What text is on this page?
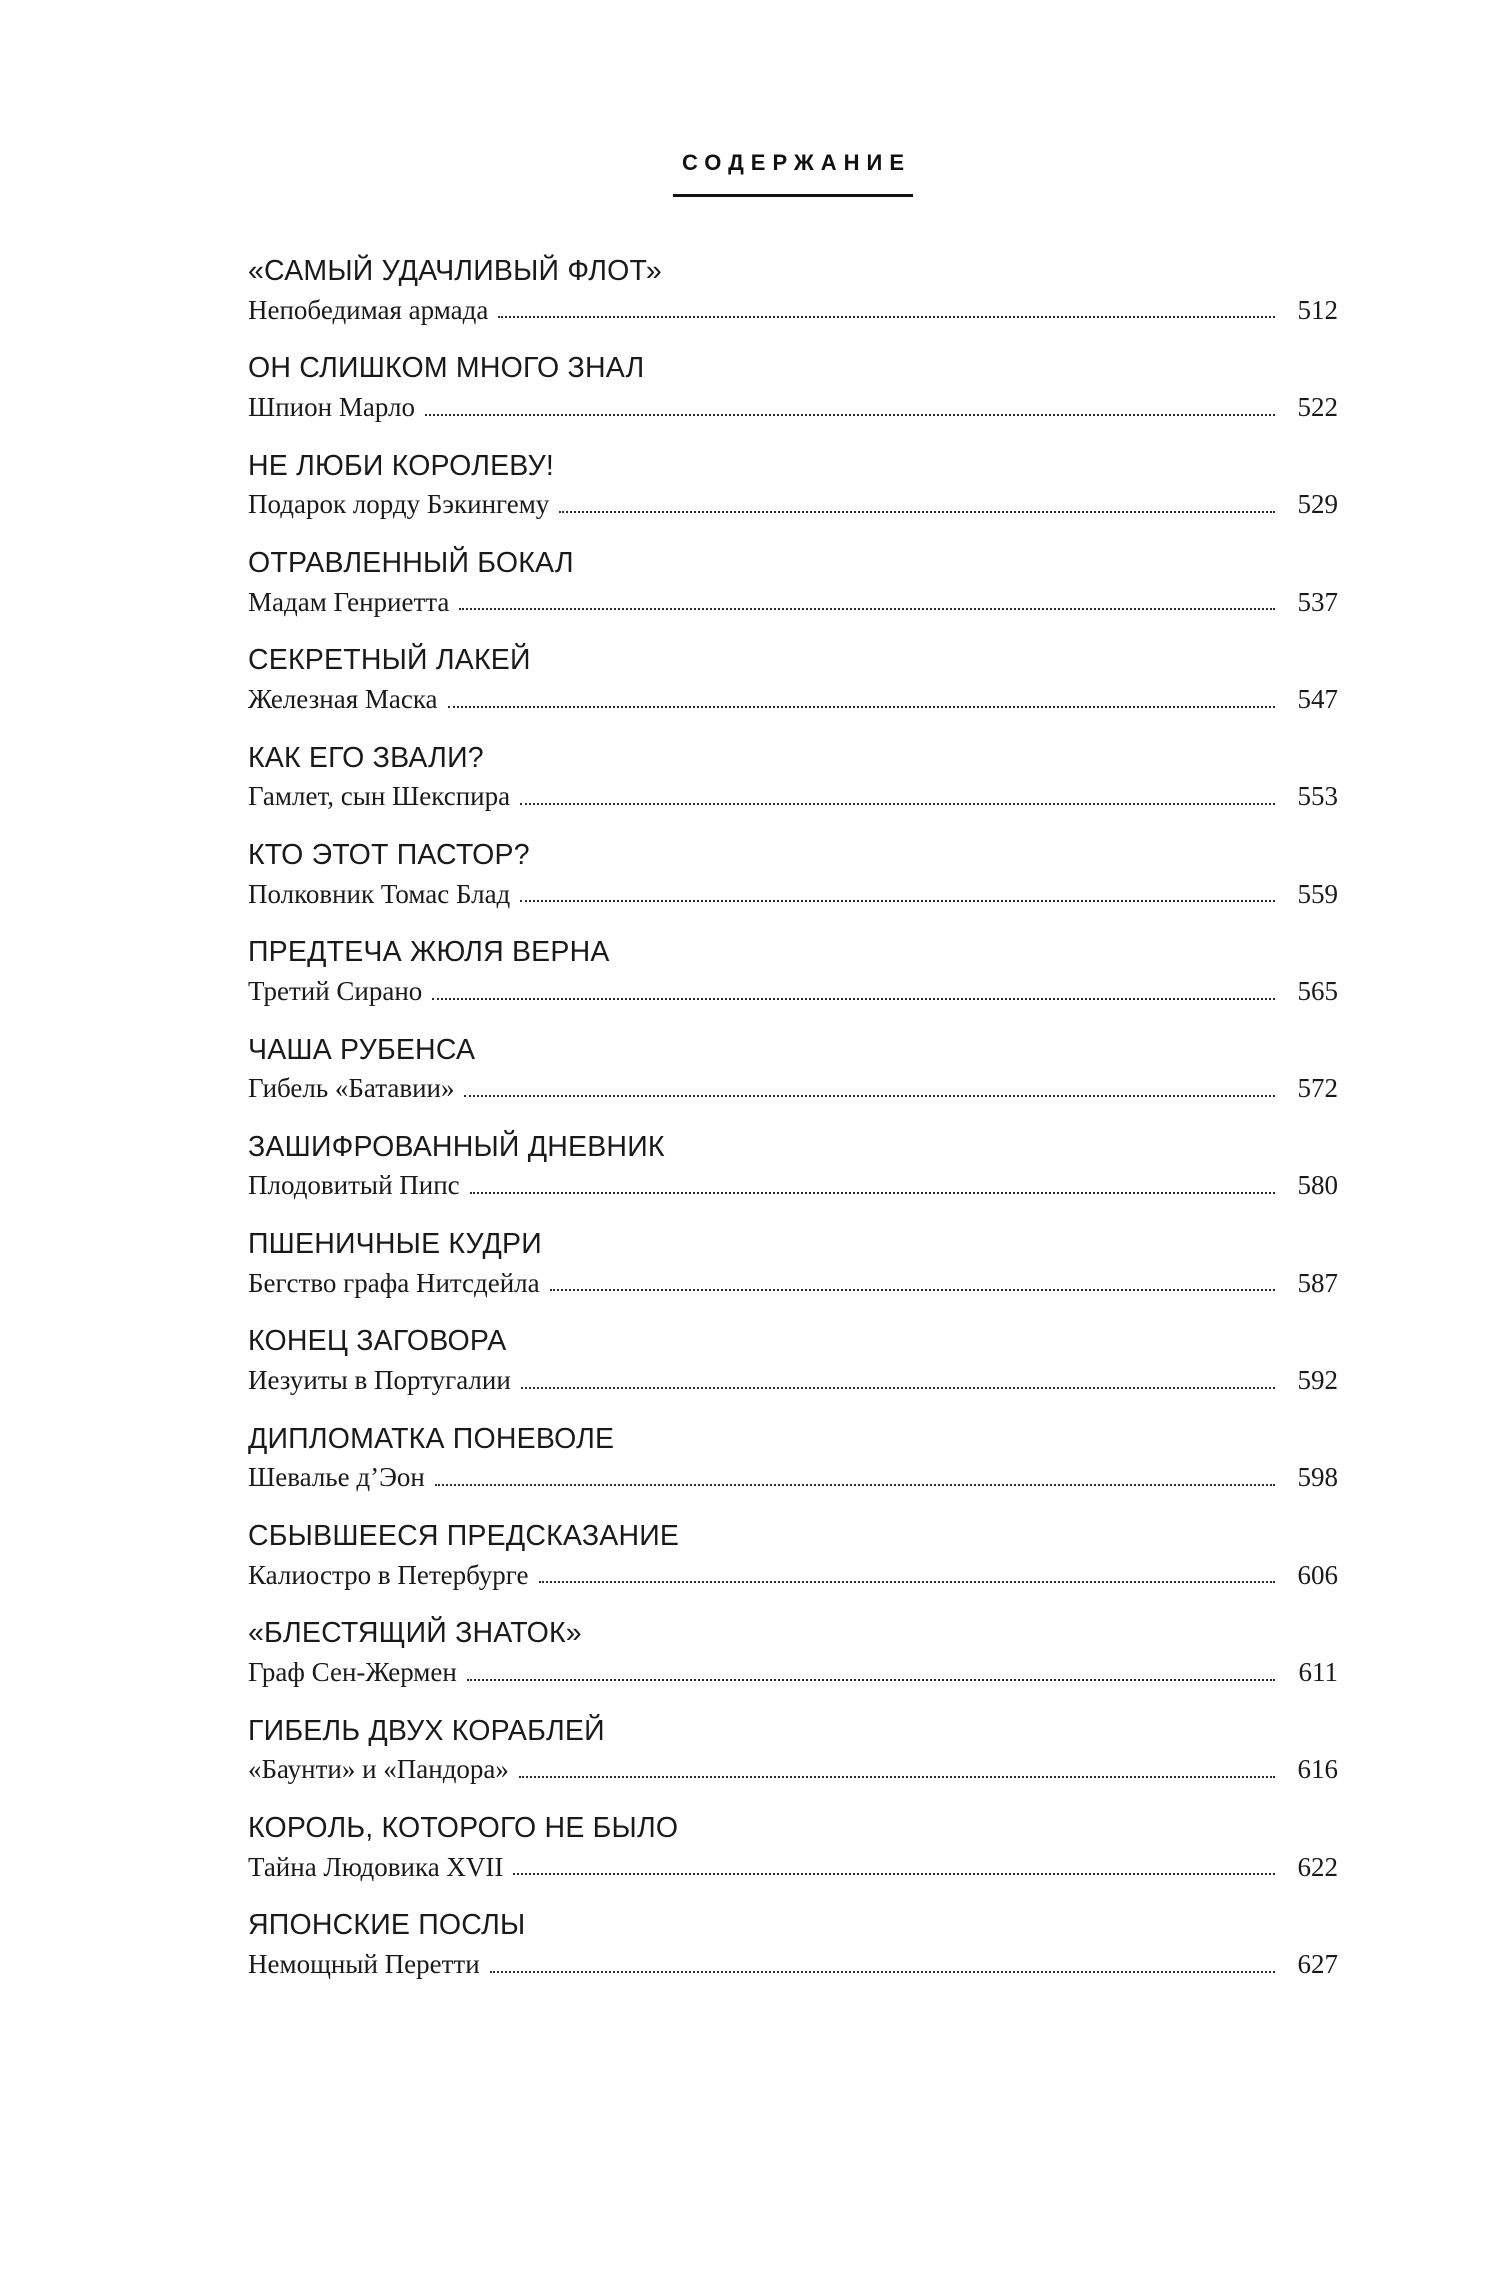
СОДЕРЖАНИЕ
«САМЫЙ УДАЧЛИВЫЙ ФЛОТ»
Непобедимая армада	512
ОН СЛИШКОМ МНОГО ЗНАЛ
Шпион Марло	522
НЕ ЛЮБИ КОРОЛЕВУ!
Подарок лорду Бэкингему	529
ОТРАВЛЕННЫЙ БОКАЛ
Мадам Генриетта	537
СЕКРЕТНЫЙ ЛАКЕЙ
Железная Маска	547
КАК ЕГО ЗВАЛИ?
Гамлет, сын Шекспира	553
КТО ЭТОТ ПАСТОР?
Полковник Томас Блад	559
ПРЕДТЕЧА ЖЮЛЯ ВЕРНА
Третий Сирано	565
ЧАША РУБЕНСА
Гибель «Батавии»	572
ЗАШИФРОВАННЫЙ ДНЕВНИК
Плодовитый Пипс	580
ПШЕНИЧНЫЕ КУДРИ
Бегство графа Нитсдейла	587
КОНЕЦ ЗАГОВОРА
Иезуиты в Португалии	592
ДИПЛОМАТКА ПОНЕВОЛЕ
Шевалье д’Эон	598
СБЫВШЕЕСЯ ПРЕДСКАЗАНИЕ
Калиостро в Петербурге	606
«БЛЕСТЯЩИЙ ЗНАТОК»
Граф Сен-Жермен	611
ГИБЕЛЬ ДВУХ КОРАБЛЕЙ
«Баунти» и «Пандора»	616
КОРОЛЬ, КОТОРОГО НЕ БЫЛО
Тайна Людовика XVII	622
ЯПОНСКИЕ ПОСЛЫ
Немощный Перетти	627
